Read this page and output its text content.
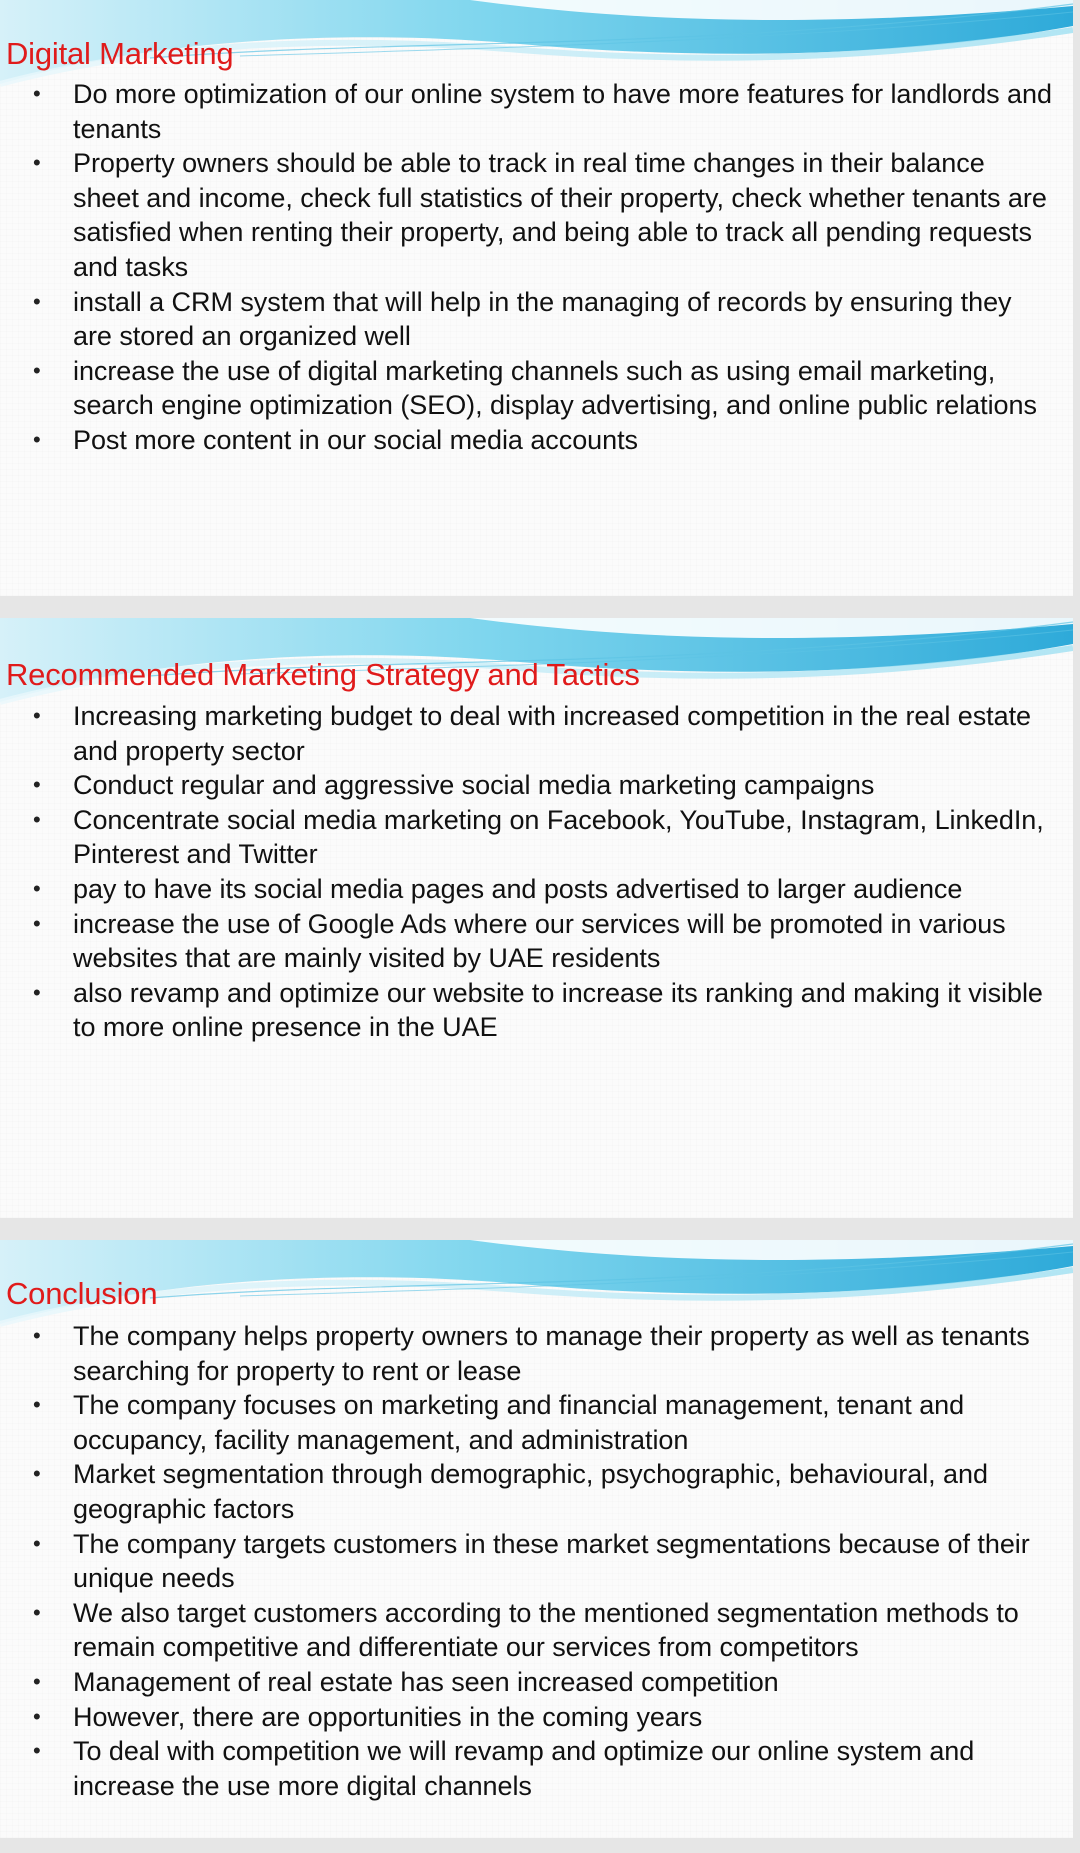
Digital Marketing
• Do more optimization of our online system to have more features for landlords and tenants
• Property owners should be able to track in real time changes in their balance sheet and income, check full statistics of their property, check whether tenants are satisfied when renting their property, and being able to track all pending requests and tasks
• install a CRM system that will help in the managing of records by ensuring they are stored an organized well
• increase the use of digital marketing channels such as using email marketing, search engine optimization (SEO), display advertising, and online public relations
• Post more content in our social media accounts
Recommended Marketing Strategy and Tactics
• Increasing marketing budget to deal with increased competition in the real estate and property sector
• Conduct regular and aggressive social media marketing campaigns
• Concentrate social media marketing on Facebook, YouTube, Instagram, LinkedIn, Pinterest and Twitter
• pay to have its social media pages and posts advertised to larger audience
• increase the use of Google Ads where our services will be promoted in various websites that are mainly visited by UAE residents
• also revamp and optimize our website to increase its ranking and making it visible to more online presence in the UAE
Conclusion
• The company helps property owners to manage their property as well as tenants searching for property to rent or lease
• The company focuses on marketing and financial management, tenant and occupancy, facility management, and administration
• Market segmentation through demographic, psychographic, behavioural, and geographic factors
• The company targets customers in these market segmentations because of their unique needs
• We also target customers according to the mentioned segmentation methods to remain competitive and differentiate our services from competitors
• Management of real estate has seen increased competition
• However, there are opportunities in the coming years
• To deal with competition we will revamp and optimize our online system and increase the use more digital channels
